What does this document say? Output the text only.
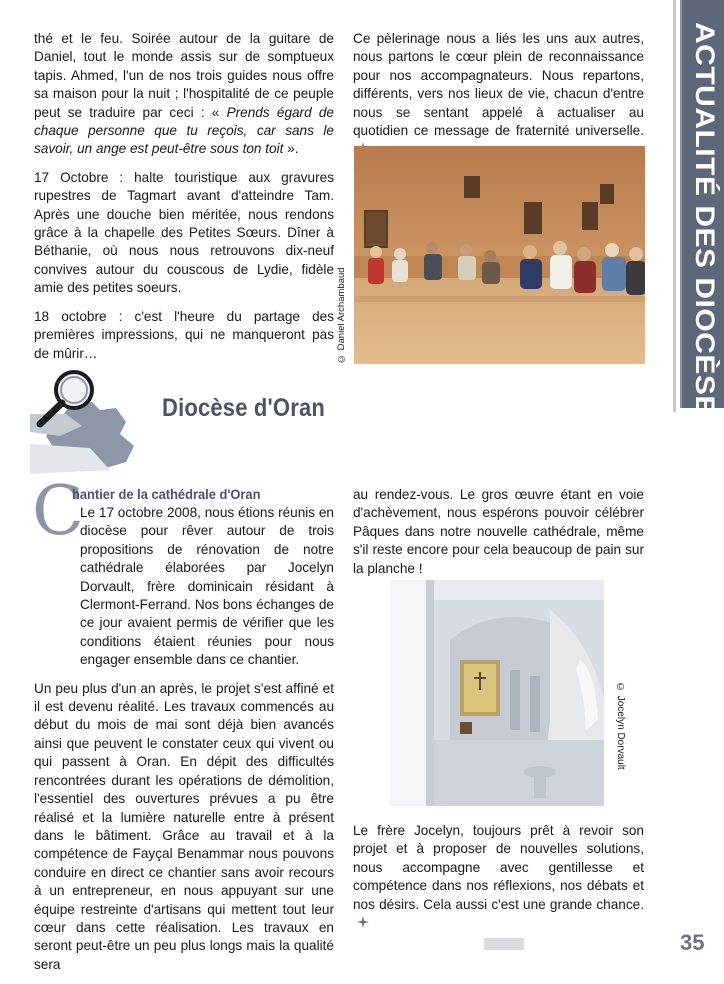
ACTUALITÉ DES DIOCÈSES

thé et le feu. Soirée autour de la guitare de Daniel, tout le monde assis sur de somptueux tapis. Ahmed, l'un de nos trois guides nous offre sa maison pour la nuit ; l'hospitalité de ce peuple peut se traduire par ceci : « Prends égard de chaque personne que tu reçois, car sans le savoir, un ange est peut-être sous ton toit ».

17 Octobre : halte touristique aux gravures rupestres de Tagmart avant d'atteindre Tam. Après une douche bien méritée, nous rendons grâce à la chapelle des Petites Sœurs. Dîner à Béthanie, où nous nous retrouvons dix-neuf convives autour du couscous de Lydie, fidèle amie des petites soeurs.

18 octobre : c'est l'heure du partage des premières impressions, qui ne manqueront pas de mûrir…

Ce pèlerinage nous a liés les uns aux autres, nous partons le cœur plein de reconnaissance pour nos accompagnateurs. Nous repartons, différents, vers nos lieux de vie, chacun d'entre nous se sentant appelé à actualiser au quotidien ce message de fraternité universelle.

© Daniel Archambaud
Diocèse d'Oran
C
hantier de la cathédrale d'Oran

Le 17 octobre 2008, nous étions réunis en diocèse pour rêver autour de trois propositions de rénovation de notre cathédrale élaborées par Jocelyn Dorvault, frère dominicain résidant à Clermont-Ferrand. Nos bons échanges de ce jour avaient permis de vérifier que les conditions étaient réunies pour nous engager ensemble dans ce chantier.

Un peu plus d'un an après, le projet s'est affiné et il est devenu réalité. Les travaux commencés au début du mois de mai sont déjà bien avancés ainsi que peuvent le constater ceux qui vivent ou qui passent à Oran. En dépit des difficultés rencontrées durant les opérations de démolition, l'essentiel des ouvertures prévues a pu être réalisé et la lumière naturelle entre à présent dans le bâtiment. Grâce au travail et à la compétence de Fayçal Benammar nous pouvons conduire en direct ce chantier sans avoir recours à un entrepreneur, en nous appuyant sur une équipe restreinte d'artisans qui mettent tout leur cœur dans cette réalisation. Les travaux en seront peut-être un peu plus longs mais la qualité sera

au rendez-vous. Le gros œuvre étant en voie d'achèvement, nous espérons pouvoir célébrer Pâques dans notre nouvelle cathédrale, même s'il reste encore pour cela beaucoup de pain sur la planche !

© Jocelyn Dorvault

Le frère Jocelyn, toujours prêt à revoir son projet et à proposer de nouvelles solutions, nous accompagne avec gentillesse et compétence dans nos réflexions, nos débats et nos désirs. Cela aussi c'est une grande chance.

35
